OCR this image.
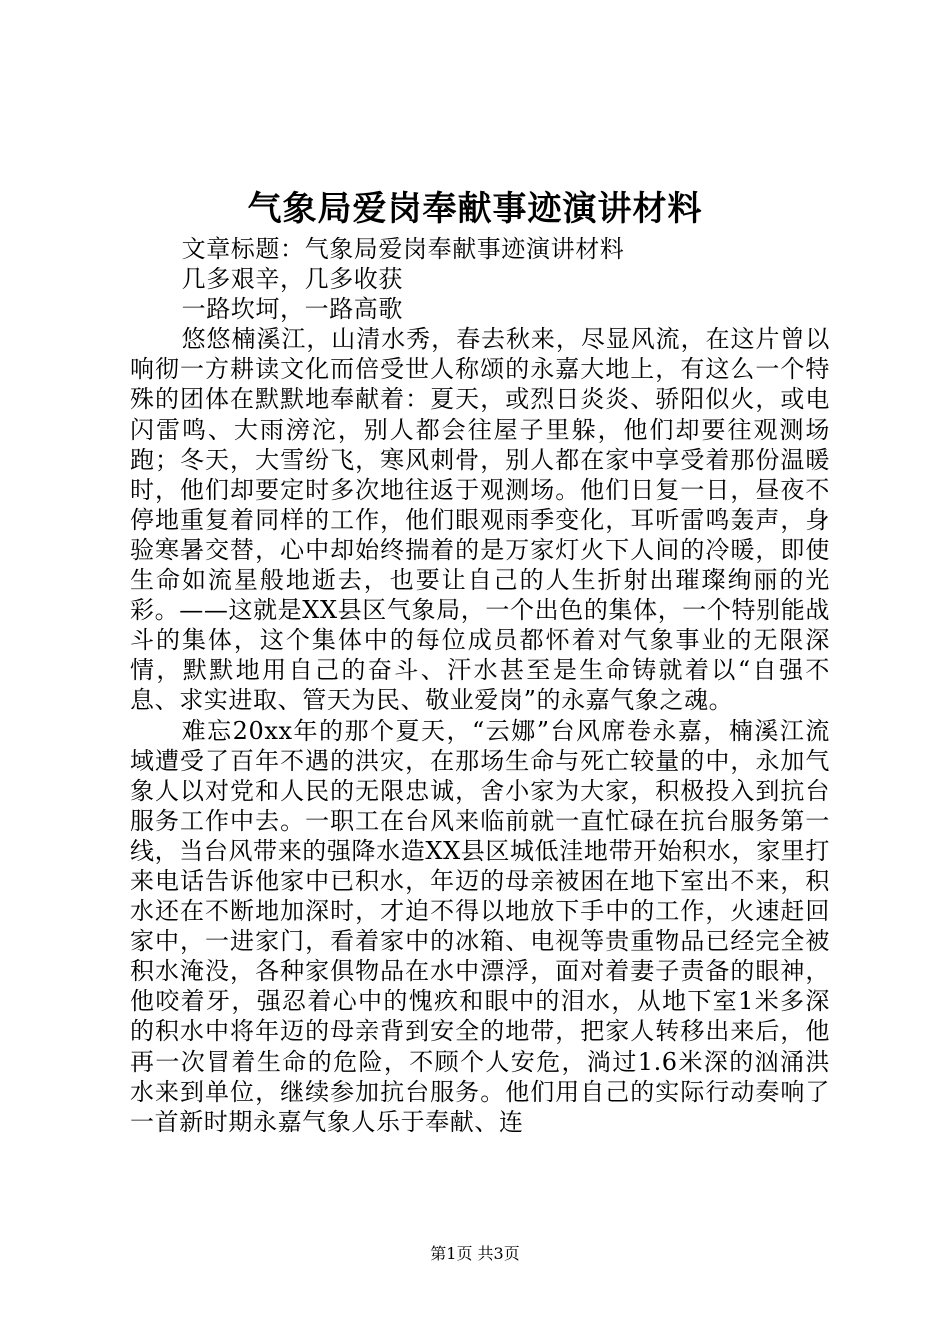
气象局爱岗奉献事迹演讲材料

文章标题：气象局爱岗奉献事迹演讲材料

几多艰辛，几多收获

一路坎坷，一路高歌

悠悠楠溪江，山清水秀，春去秋来，尽显风流，在这片曾以响彻一方耕读文化而倍受世人称颂的永嘉大地上，有这么一个特殊的团体在默默地奉献着：夏天，或烈日炎炎、骄阳似火，或电闪雷鸣、大雨滂沱，别人都会往屋子里躲，他们却要往观测场跑；冬天，大雪纷飞，寒风刺骨，别人都在家中享受着那份温暖时，他们却要定时多次地往返于观测场。他们日复一日，昼夜不停地重复着同样的工作，他们眼观雨季变化，耳听雷鸣轰声，身验寒暑交替，心中却始终揣着的是万家灯火下人间的冷暖，即使生命如流星般地逝去，也要让自己的人生折射出璀璨绚丽的光彩。——这就是XX县区气象局，一个出色的集体，一个特别能战斗的集体，这个集体中的每位成员都怀着对气象事业的无限深情，默默地用自己的奋斗、汗水甚至是生命铸就着以“自强不息、求实进取、管天为民、敬业爱岗”的永嘉气象之魂。

难忘20xx年的那个夏天，“云娜”台风席卷永嘉，楠溪江流域遭受了百年不遇的洪灾，在那场生命与死亡较量的中，永加气象人以对党和人民的无限忠诚，舍小家为大家，积极投入到抗台服务工作中去。一职工在台风来临前就一直忙碌在抗台服务第一线，当台风带来的强降水造XX县区城低洼地带开始积水，家里打来电话告诉他家中已积水，年迈的母亲被困在地下室出不来，积水还在不断地加深时，才迫不得以地放下手中的工作，火速赶回家中，一进家门，看着家中的冰箱、电视等贵重物品已经完全被积水淹没，各种家俱物品在水中漂浮，面对着妻子责备的眼神，他咬着牙，强忍着心中的愧疚和眼中的泪水，从地下室1米多深的积水中将年迈的母亲背到安全的地带，把家人转移出来后，他再一次冒着生命的危险，不顾个人安危，淌过1.6米深的汹涌洪水来到单位，继续参加抗台服务。他们用自己的实际行动奏响了一首新时期永嘉气象人乐于奉献、连

第1页 共3页
